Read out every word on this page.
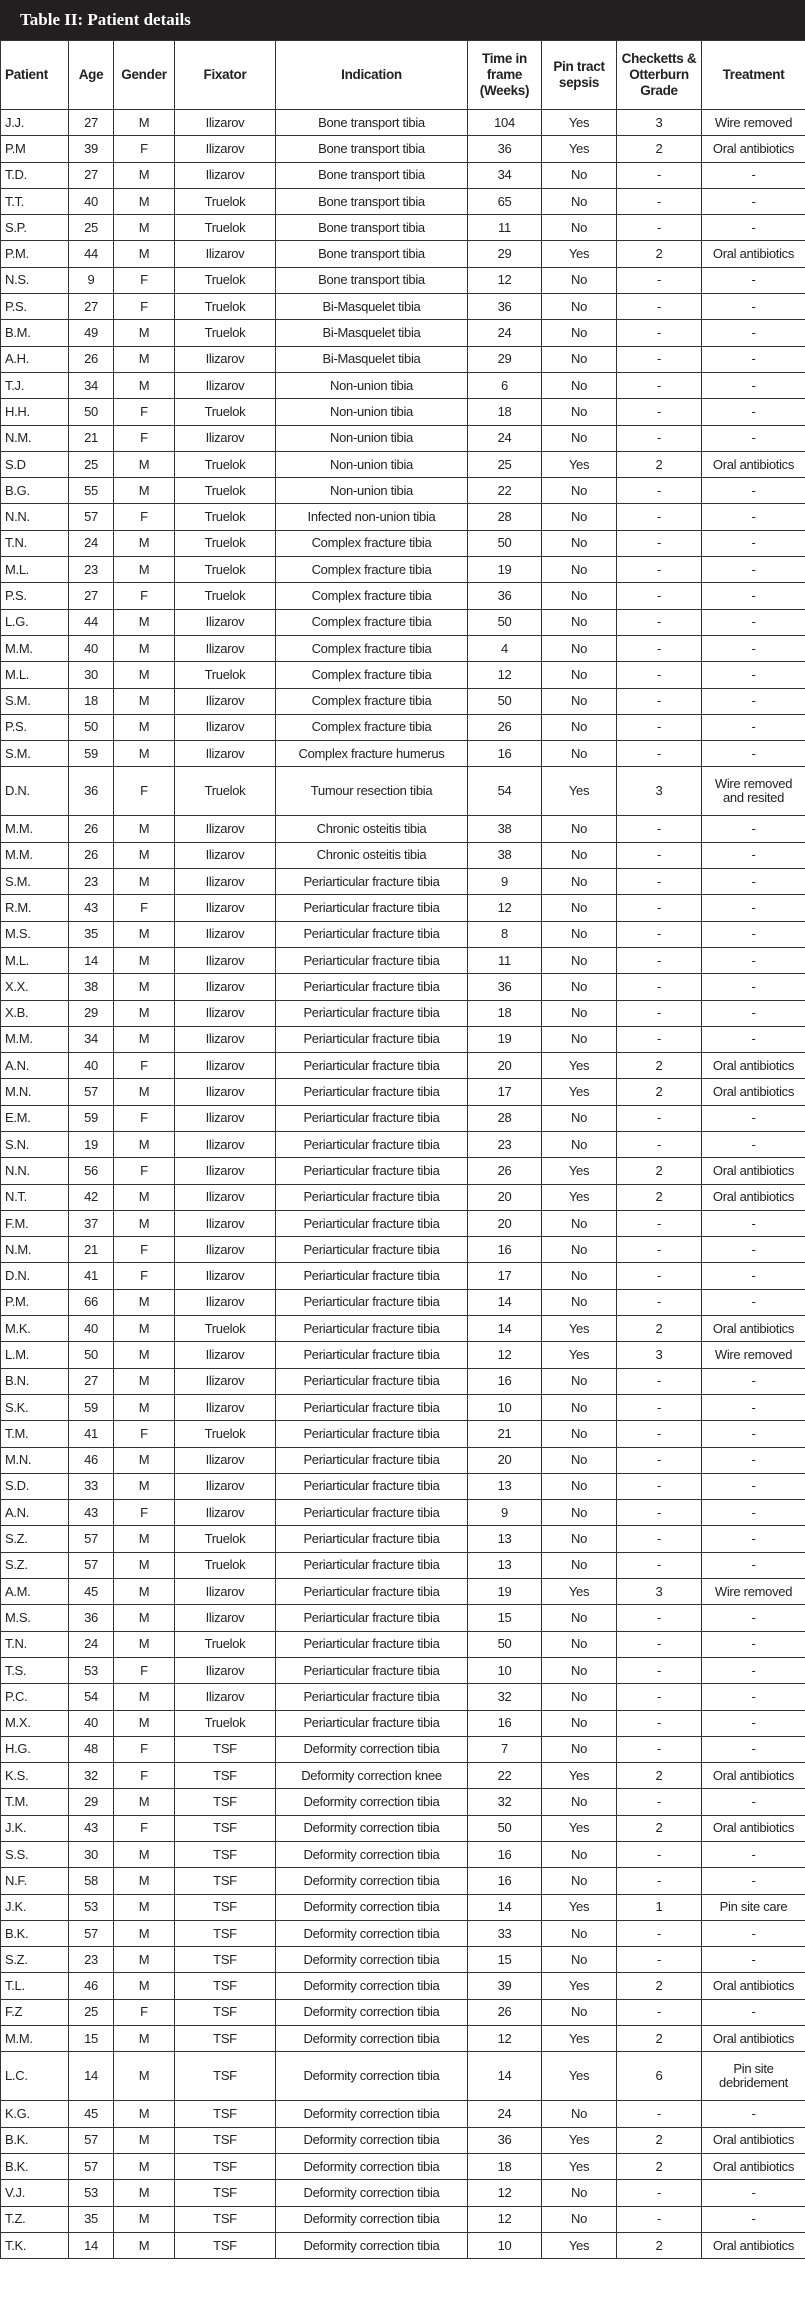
Table II: Patient details
Patient	Age	Gender	Fixator	Indication	Time in frame (Weeks)	Pin tract sepsis	Checketts & Otterburn Grade	Treatment
J.J.	27	M	Ilizarov	Bone transport tibia	104	Yes	3	Wire removed
P.M	39	F	Ilizarov	Bone transport tibia	36	Yes	2	Oral antibiotics
T.D.	27	M	Ilizarov	Bone transport tibia	34	No	-	-
T.T.	40	M	Truelok	Bone transport tibia	65	No	-	-
S.P.	25	M	Truelok	Bone transport tibia	11	No	-	-
P.M.	44	M	Ilizarov	Bone transport tibia	29	Yes	2	Oral antibiotics
N.S.	9	F	Truelok	Bone transport tibia	12	No	-	-
P.S.	27	F	Truelok	Bi-Masquelet tibia	36	No	-	-
B.M.	49	M	Truelok	Bi-Masquelet tibia	24	No	-	-
A.H.	26	M	Ilizarov	Bi-Masquelet tibia	29	No	-	-
T.J.	34	M	Ilizarov	Non-union tibia	6	No	-	-
H.H.	50	F	Truelok	Non-union tibia	18	No	-	-
N.M.	21	F	Ilizarov	Non-union tibia	24	No	-	-
S.D	25	M	Truelok	Non-union tibia	25	Yes	2	Oral antibiotics
B.G.	55	M	Truelok	Non-union tibia	22	No	-	-
N.N.	57	F	Truelok	Infected non-union tibia	28	No	-	-
T.N.	24	M	Truelok	Complex fracture tibia	50	No	-	-
M.L.	23	M	Truelok	Complex fracture tibia	19	No	-	-
P.S.	27	F	Truelok	Complex fracture tibia	36	No	-	-
L.G.	44	M	Ilizarov	Complex fracture tibia	50	No	-	-
M.M.	40	M	Ilizarov	Complex fracture tibia	4	No	-	-
M.L.	30	M	Truelok	Complex fracture tibia	12	No	-	-
S.M.	18	M	Ilizarov	Complex fracture tibia	50	No	-	-
P.S.	50	M	Ilizarov	Complex fracture tibia	26	No	-	-
S.M.	59	M	Ilizarov	Complex fracture humerus	16	No	-	-
D.N.	36	F	Truelok	Tumour resection tibia	54	Yes	3	Wire removed and resited
M.M.	26	M	Ilizarov	Chronic osteitis tibia	38	No	-	-
M.M.	26	M	Ilizarov	Chronic osteitis tibia	38	No	-	-
S.M.	23	M	Ilizarov	Periarticular fracture tibia	9	No	-	-
R.M.	43	F	Ilizarov	Periarticular fracture tibia	12	No	-	-
M.S.	35	M	Ilizarov	Periarticular fracture tibia	8	No	-	-
M.L.	14	M	Ilizarov	Periarticular fracture tibia	11	No	-	-
X.X.	38	M	Ilizarov	Periarticular fracture tibia	36	No	-	-
X.B.	29	M	Ilizarov	Periarticular fracture tibia	18	No	-	-
M.M.	34	M	Ilizarov	Periarticular fracture tibia	19	No	-	-
A.N.	40	F	Ilizarov	Periarticular fracture tibia	20	Yes	2	Oral antibiotics
M.N.	57	M	Ilizarov	Periarticular fracture tibia	17	Yes	2	Oral antibiotics
E.M.	59	F	Ilizarov	Periarticular fracture tibia	28	No	-	-
S.N.	19	M	Ilizarov	Periarticular fracture tibia	23	No	-	-
N.N.	56	F	Ilizarov	Periarticular fracture tibia	26	Yes	2	Oral antibiotics
N.T.	42	M	Ilizarov	Periarticular fracture tibia	20	Yes	2	Oral antibiotics
F.M.	37	M	Ilizarov	Periarticular fracture tibia	20	No	-	-
N.M.	21	F	Ilizarov	Periarticular fracture tibia	16	No	-	-
D.N.	41	F	Ilizarov	Periarticular fracture tibia	17	No	-	-
P.M.	66	M	Ilizarov	Periarticular fracture tibia	14	No	-	-
M.K.	40	M	Truelok	Periarticular fracture tibia	14	Yes	2	Oral antibiotics
L.M.	50	M	Ilizarov	Periarticular fracture tibia	12	Yes	3	Wire removed
B.N.	27	M	Ilizarov	Periarticular fracture tibia	16	No	-	-
S.K.	59	M	Ilizarov	Periarticular fracture tibia	10	No	-	-
T.M.	41	F	Truelok	Periarticular fracture tibia	21	No	-	-
M.N.	46	M	Ilizarov	Periarticular fracture tibia	20	No	-	-
S.D.	33	M	Ilizarov	Periarticular fracture tibia	13	No	-	-
A.N.	43	F	Ilizarov	Periarticular fracture tibia	9	No	-	-
S.Z.	57	M	Truelok	Periarticular fracture tibia	13	No	-	-
S.Z.	57	M	Truelok	Periarticular fracture tibia	13	No	-	-
A.M.	45	M	Ilizarov	Periarticular fracture tibia	19	Yes	3	Wire removed
M.S.	36	M	Ilizarov	Periarticular fracture tibia	15	No	-	-
T.N.	24	M	Truelok	Periarticular fracture tibia	50	No	-	-
T.S.	53	F	Ilizarov	Periarticular fracture tibia	10	No	-	-
P.C.	54	M	Ilizarov	Periarticular fracture tibia	32	No	-	-
M.X.	40	M	Truelok	Periarticular fracture tibia	16	No	-	-
H.G.	48	F	TSF	Deformity correction tibia	7	No	-	-
K.S.	32	F	TSF	Deformity correction knee	22	Yes	2	Oral antibiotics
T.M.	29	M	TSF	Deformity correction tibia	32	No	-	-
J.K.	43	F	TSF	Deformity correction tibia	50	Yes	2	Oral antibiotics
S.S.	30	M	TSF	Deformity correction tibia	16	No	-	-
N.F.	58	M	TSF	Deformity correction tibia	16	No	-	-
J.K.	53	M	TSF	Deformity correction tibia	14	Yes	1	Pin site care
B.K.	57	M	TSF	Deformity correction tibia	33	No	-	-
S.Z.	23	M	TSF	Deformity correction tibia	15	No	-	-
T.L.	46	M	TSF	Deformity correction tibia	39	Yes	2	Oral antibiotics
F.Z	25	F	TSF	Deformity correction tibia	26	No	-	-
M.M.	15	M	TSF	Deformity correction tibia	12	Yes	2	Oral antibiotics
L.C.	14	M	TSF	Deformity correction tibia	14	Yes	6	Pin site debridement
K.G.	45	M	TSF	Deformity correction tibia	24	No	-	-
B.K.	57	M	TSF	Deformity correction tibia	36	Yes	2	Oral antibiotics
B.K.	57	M	TSF	Deformity correction tibia	18	Yes	2	Oral antibiotics
V.J.	53	M	TSF	Deformity correction tibia	12	No	-	-
T.Z.	35	M	TSF	Deformity correction tibia	12	No	-	-
T.K.	14	M	TSF	Deformity correction tibia	10	Yes	2	Oral antibiotics
